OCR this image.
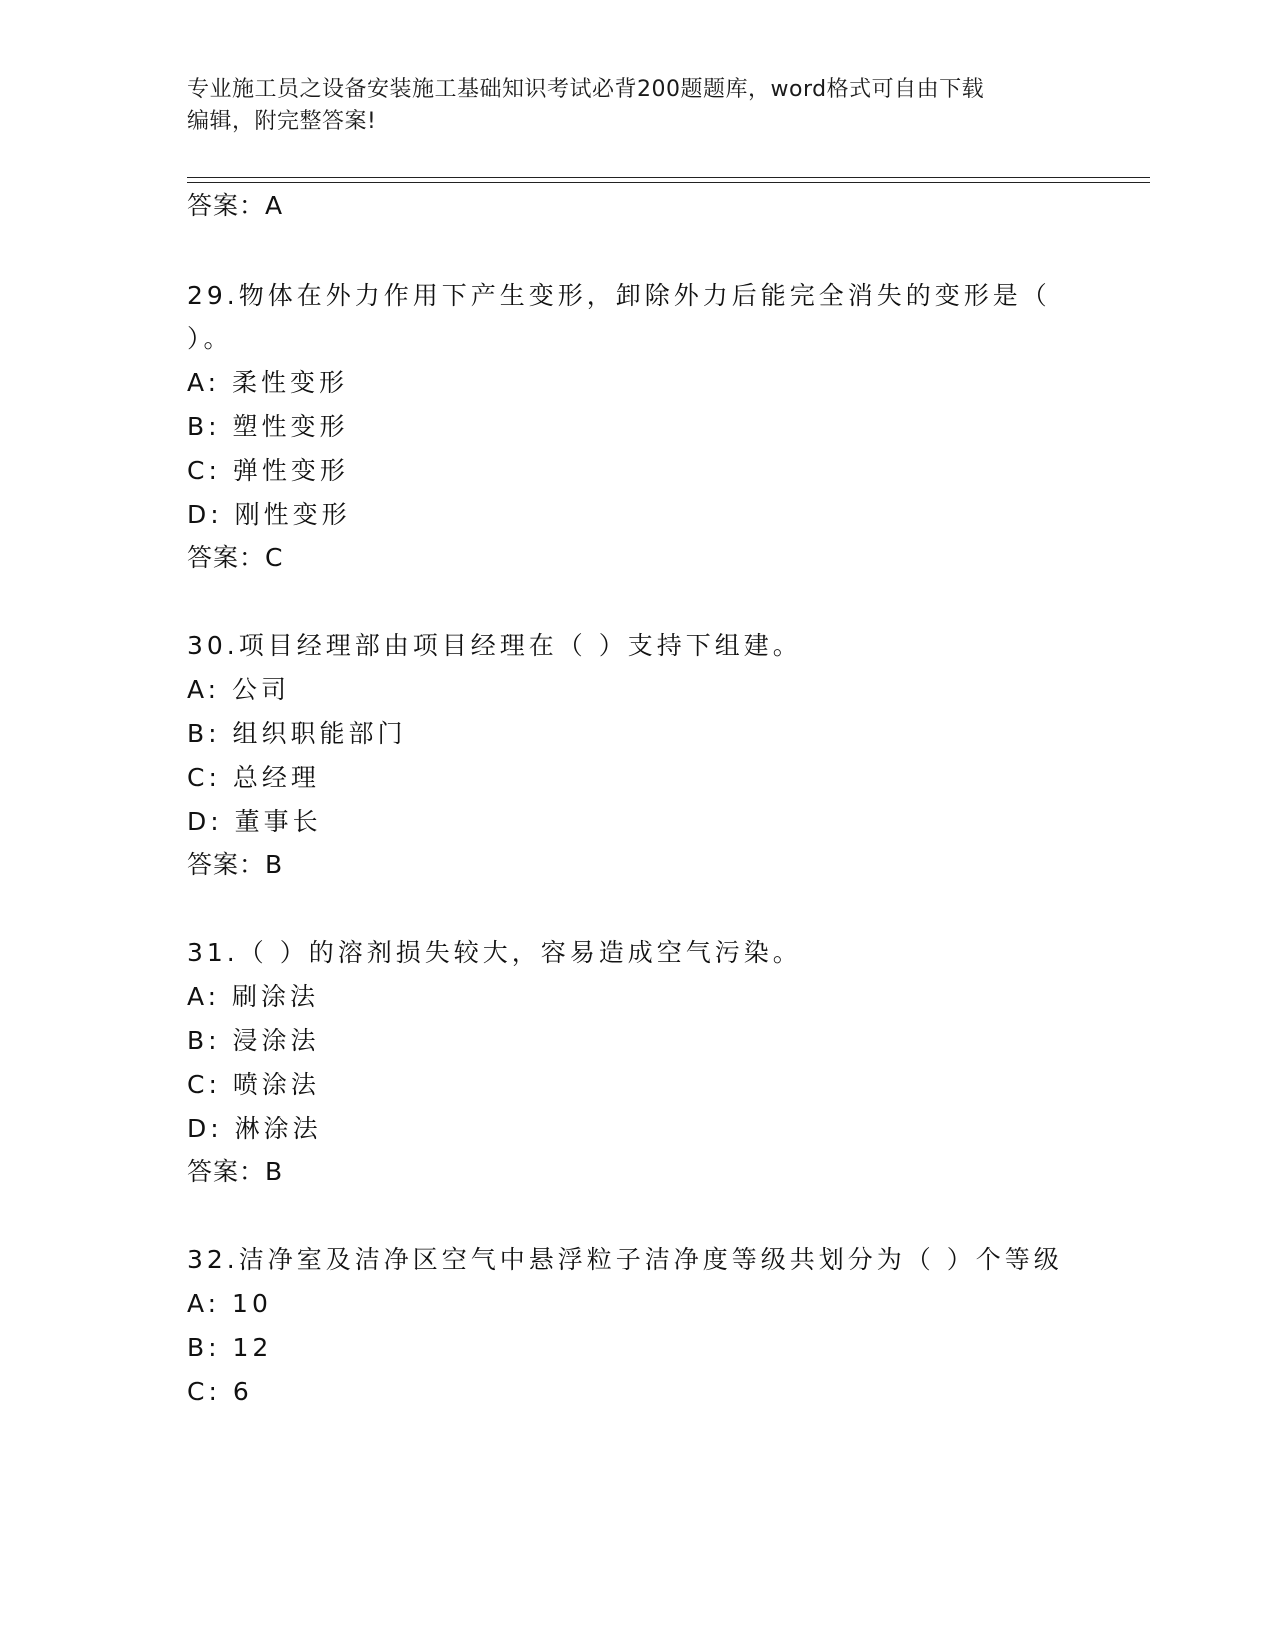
专业施工员之设备安装施工基础知识考试必背200题题库，word格式可自由下载
编辑，附完整答案!
答案：A
29.物体在外力作用下产生变形，卸除外力后能完全消失的变形是（
）。
A: 柔性变形
B: 塑性变形
C: 弹性变形
D: 刚性变形
答案：C
30.项目经理部由项目经理在（ ）支持下组建。
A: 公司
B: 组织职能部门
C: 总经理
D: 董事长
答案：B
31.（ ）的溶剂损失较大，容易造成空气污染。
A: 刷涂法
B: 浸涂法
C: 喷涂法
D: 淋涂法
答案：B
32.洁净室及洁净区空气中悬浮粒子洁净度等级共划分为（ ）个等级
A: 10
B: 12
C: 6
